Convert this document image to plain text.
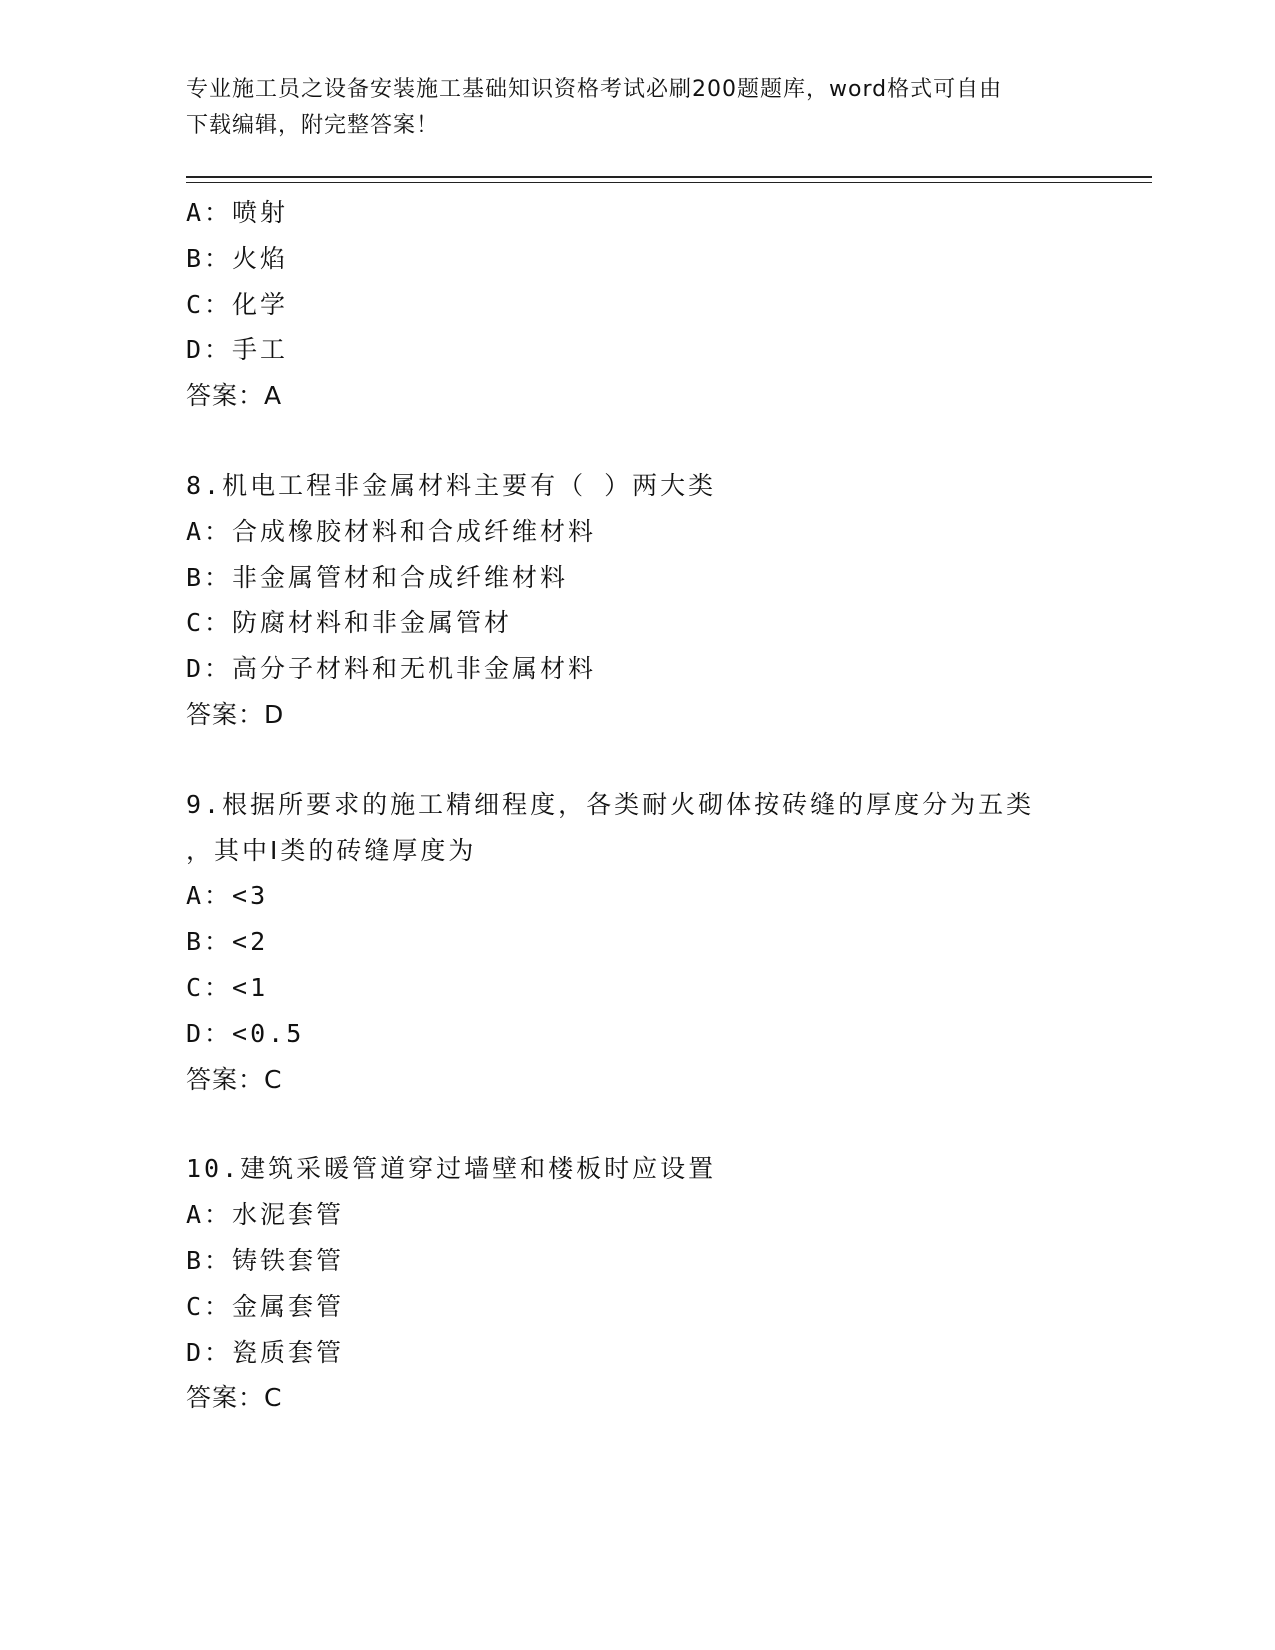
专业施工员之设备安装施工基础知识资格考试必刷200题题库，word格式可自由
下载编辑，附完整答案！
A：喷射
B：火焰
C：化学
D：手工
答案：A
8.机电工程非金属材料主要有（ ）两大类
A：合成橡胶材料和合成纤维材料
B：非金属管材和合成纤维材料
C：防腐材料和非金属管材
D：高分子材料和无机非金属材料
答案：D
9.根据所要求的施工精细程度，各类耐火砌体按砖缝的厚度分为五类
，其中Ⅰ类的砖缝厚度为
A：<3
B：<2
C：<1
D：<0.5
答案：C
10.建筑采暖管道穿过墙壁和楼板时应设置
A：水泥套管
B：铸铁套管
C：金属套管
D：瓷质套管
答案：C
